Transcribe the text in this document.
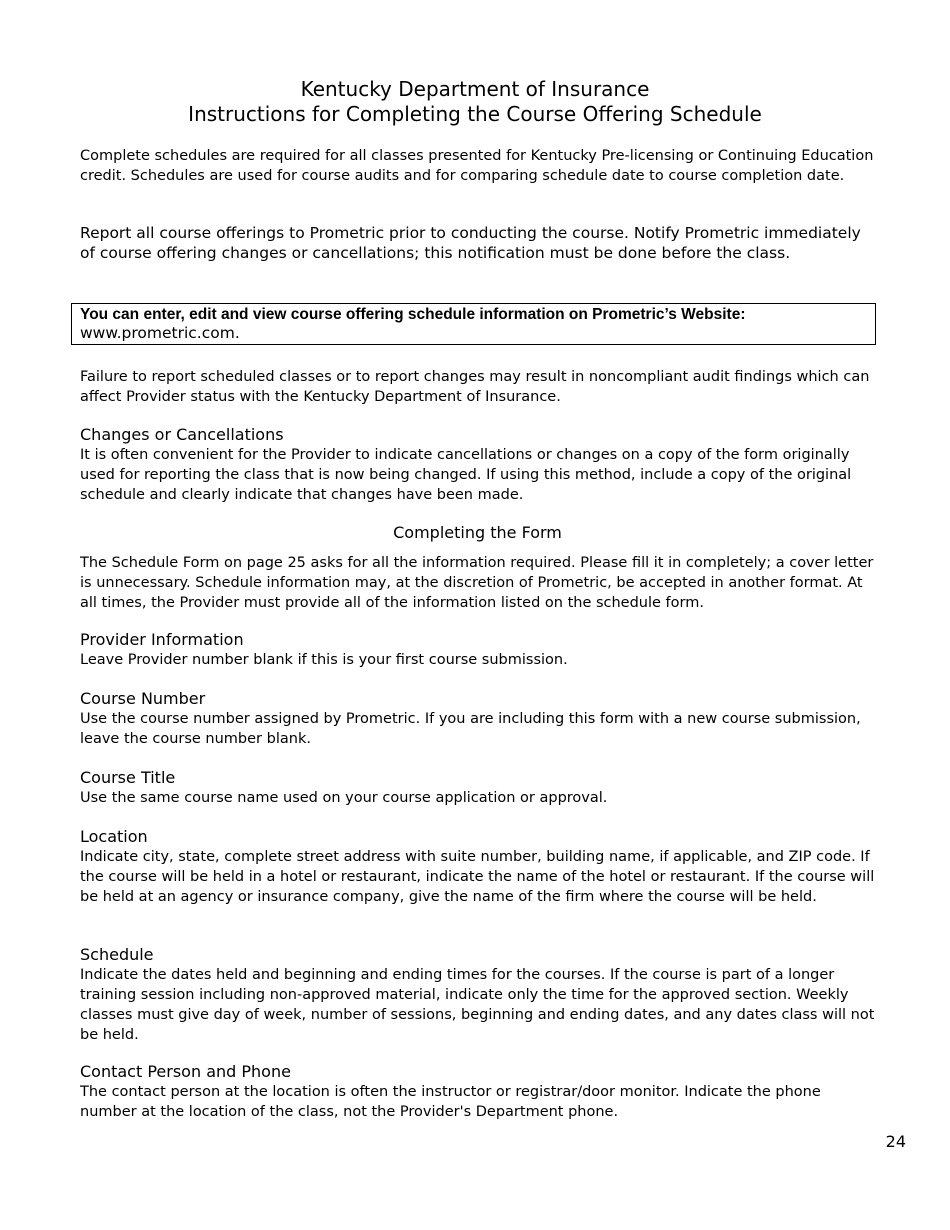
Kentucky Department of Insurance
Instructions for Completing the Course Offering Schedule

Complete schedules are required for all classes presented for Kentucky Pre-licensing or Continuing Education credit. Schedules are used for course audits and for comparing schedule date to course completion date.

Report all course offerings to Prometric prior to conducting the course. Notify Prometric immediately of course offering changes or cancellations; this notification must be done before the class.

You can enter, edit and view course offering schedule information on Prometric’s Website:

www.prometric.com.

Failure to report scheduled classes or to report changes may result in noncompliant audit findings which can affect Provider status with the Kentucky Department of Insurance.

Changes or Cancellations

It is often convenient for the Provider to indicate cancellations or changes on a copy of the form originally used for reporting the class that is now being changed. If using this method, include a copy of the original schedule and clearly indicate that changes have been made.

Completing the Form

The Schedule Form on page 25 asks for all the information required. Please fill it in completely; a cover letter is unnecessary. Schedule information may, at the discretion of Prometric, be accepted in another format. At all times, the Provider must provide all of the information listed on the schedule form.

Provider Information

Leave Provider number blank if this is your first course submission.

Course Number

Use the course number assigned by Prometric. If you are including this form with a new course submission, leave the course number blank.

Course Title

Use the same course name used on your course application or approval.

Location

Indicate city, state, complete street address with suite number, building name, if applicable, and ZIP code. If the course will be held in a hotel or restaurant, indicate the name of the hotel or restaurant. If the course will be held at an agency or insurance company, give the name of the firm where the course will be held.

Schedule

Indicate the dates held and beginning and ending times for the courses. If the course is part of a longer training session including non-approved material, indicate only the time for the approved section. Weekly classes must give day of week, number of sessions, beginning and ending dates, and any dates class will not be held.

Contact Person and Phone

The contact person at the location is often the instructor or registrar/door monitor. Indicate the phone number at the location of the class, not the Provider's Department phone.

24
